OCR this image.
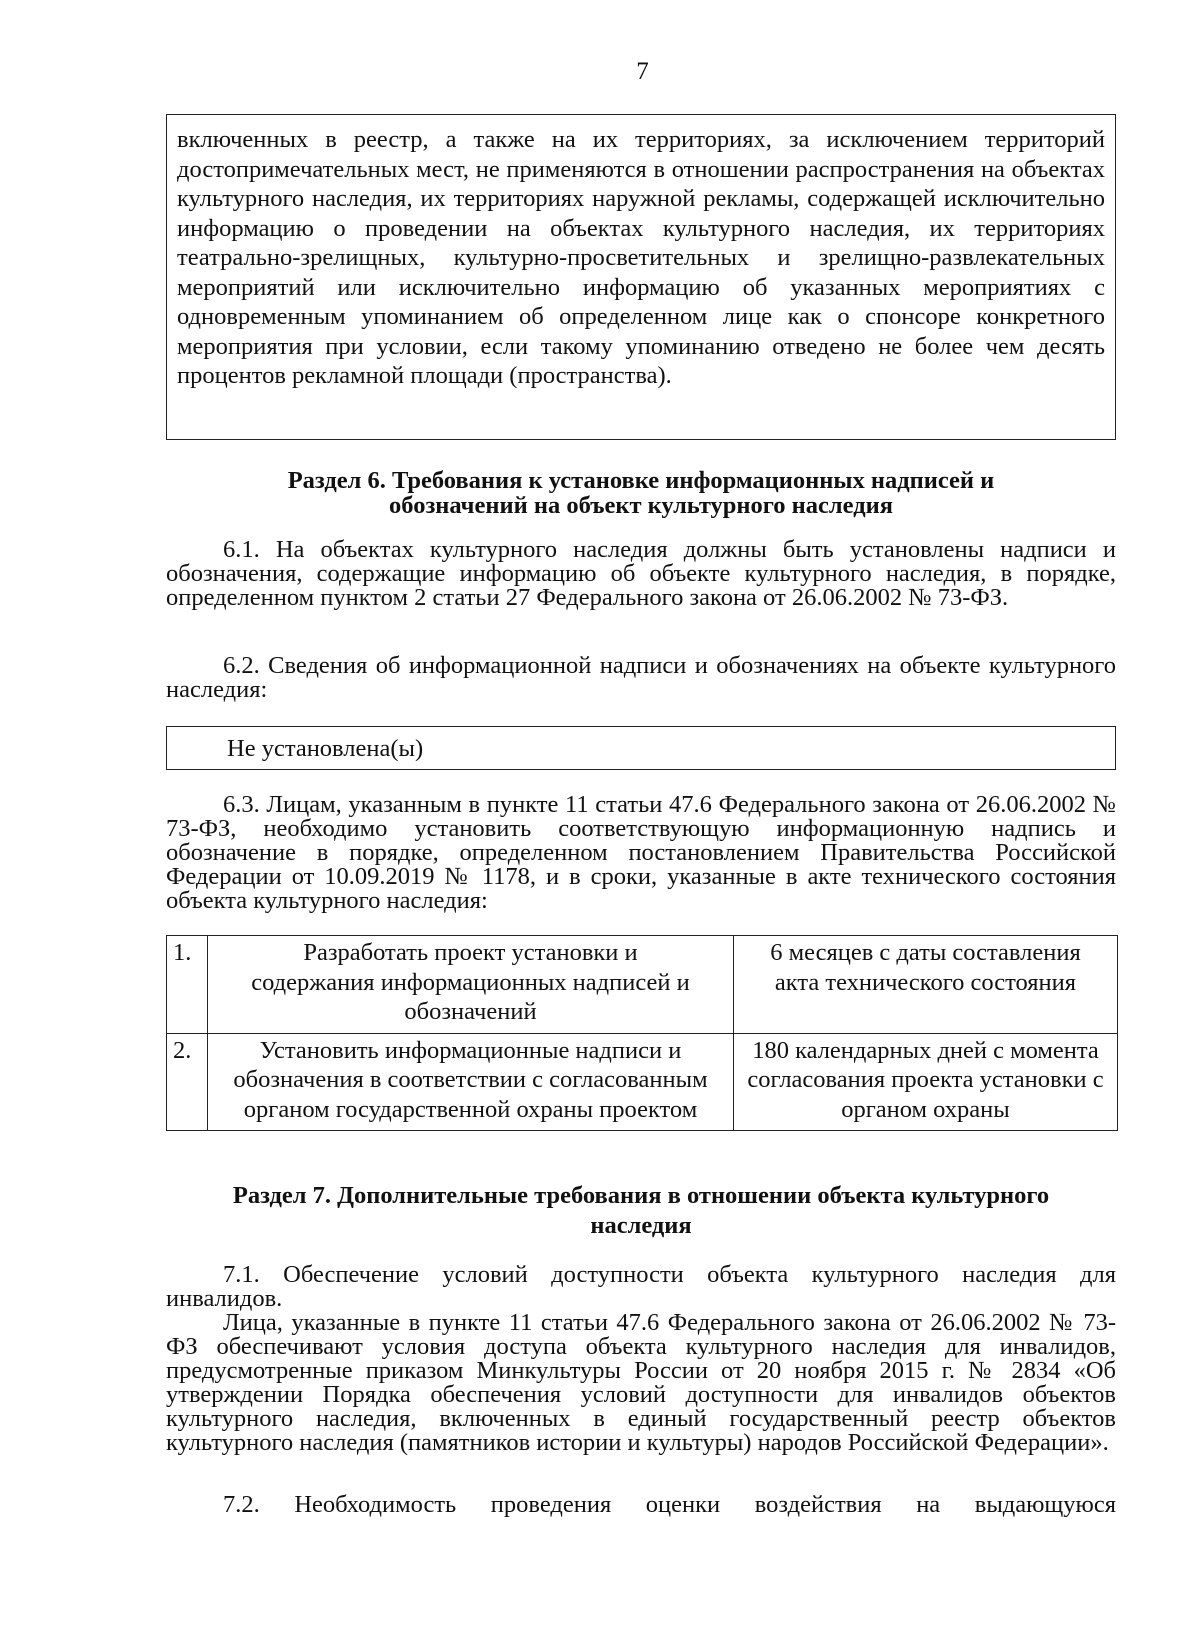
7

включенных в реестр, а также на их территориях, за исключением территорий достопримечательных мест, не применяются в отношении распространения на объектах культурного наследия, их территориях наружной рекламы, содержащей исключительно информацию о проведении на объектах культурного наследия, их территориях театрально-зрелищных, культурно-просветительных и зрелищно-развлекательных мероприятий или исключительно информацию об указанных мероприятиях с одновременным упоминанием об определенном лице как о спонсоре конкретного мероприятия при условии, если такому упоминанию отведено не более чем десять процентов рекламной площади (пространства).

Раздел 6. Требования к установке информационных надписей и
обозначений на объект культурного наследия

6.1. На объектах культурного наследия должны быть установлены надписи и обозначения, содержащие информацию об объекте культурного наследия, в порядке, определенном пунктом 2 статьи 27 Федерального закона от 26.06.2002 № 73-ФЗ.

6.2. Сведения об информационной надписи и обозначениях на объекте культурного наследия:

Не установлена(ы)

6.3. Лицам, указанным в пункте 11 статьи 47.6 Федерального закона от 26.06.2002 № 73-ФЗ, необходимо установить соответствующую информационную надпись и обозначение в порядке, определенном постановлением Правительства Российской Федерации от 10.09.2019 № 1178, и в сроки, указанные в акте технического состояния объекта культурного наследия:

1.	Разработать проект установки и содержания информационных надписей и обозначений	6 месяцев с даты составления акта технического состояния
2.	Установить информационные надписи и обозначения в соответствии с согласованным органом государственной охраны проектом	180 календарных дней с момента согласования проекта установки с органом охраны
Раздел 7. Дополнительные требования в отношении объекта культурного
наследия

7.1. Обеспечение условий доступности объекта культурного наследия для инвалидов.

Лица, указанные в пункте 11 статьи 47.6 Федерального закона от 26.06.2002 № 73-ФЗ обеспечивают условия доступа объекта культурного наследия для инвалидов, предусмотренные приказом Минкультуры России от 20 ноября 2015 г. № 2834 «Об утверждении Порядка обеспечения условий доступности для инвалидов объектов культурного наследия, включенных в единый государственный реестр объектов культурного наследия (памятников истории и культуры) народов Российской Федерации».

7.2. Необходимость проведения оценки воздействия на выдающуюся
